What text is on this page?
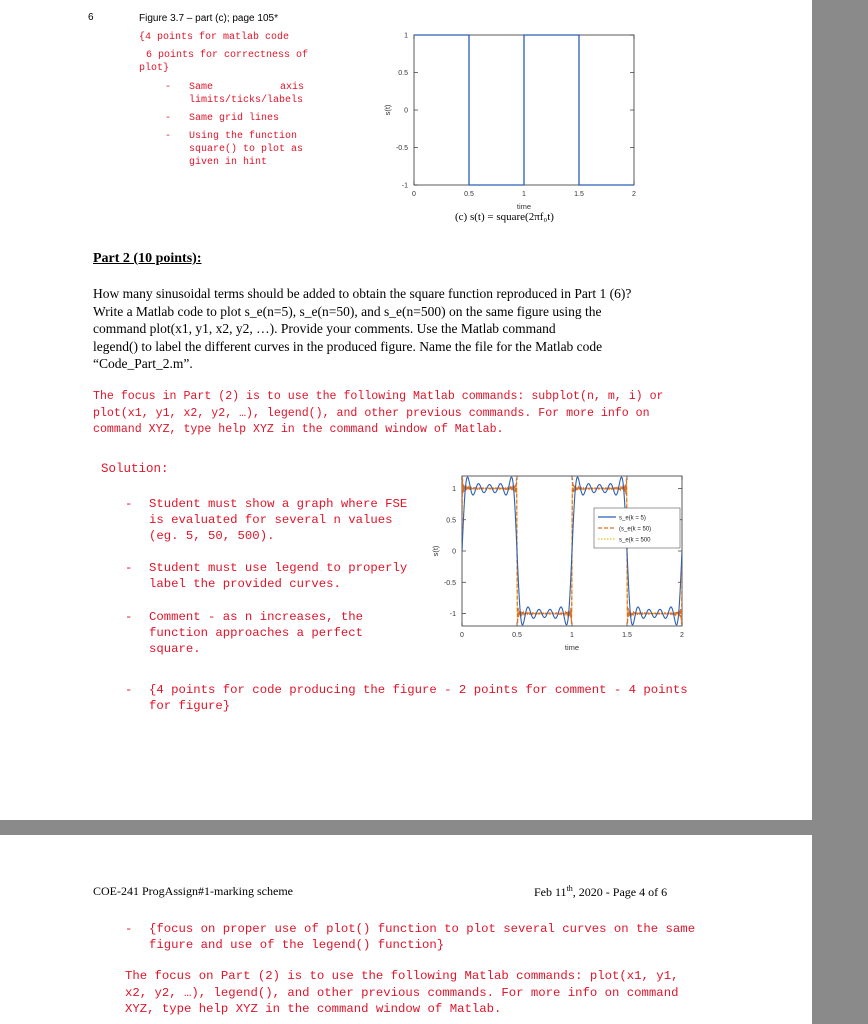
6	Figure 3.7 – part (c); page 105*
{4 points for matlab code
6 points for correctness of
plot}
- Same	axis
limits/ticks/labels
- Same grid lines
- Using the function
square() to plot as
given in hint
0	0.5	1	1.5	2
-1
-0.5
0
0.5
1
time
s(t)
(c) s(t) = square(2πf₀t)
Part 2 (10 points):
How many sinusoidal terms should be added to obtain the square function reproduced in Part 1 (6)?
Write a Matlab code to plot s_e(n=5), s_e(n=50), and s_e(n=500) on the same figure using the
command plot(x1, y1, x2, y2, …). Provide your comments. Use the Matlab command
legend() to label the different curves in the produced figure. Name the file for the Matlab code
“Code_Part_2.m”.
The focus in Part (2) is to use the following Matlab commands: subplot(n, m, i) or
plot(x1, y1, x2, y2, …), legend(), and other previous commands. For more info on
command XYZ, type help XYZ in the command window of Matlab.
Solution:
- Student must show a graph where FSE
is evaluated for several n values
(eg. 5, 50, 500).
- Student must use legend to properly
label the provided curves.
- Comment - as n increases, the
function approaches a perfect
square.
0	0.5	1	1.5	2
-1
-0.5
0
0.5
1
time
s(t)
s_e(k = 5)
(s_e(k = 50)
s_e(k = 500
- {4 points for code producing the figure - 2 points for comment - 4 points
for figure}
COE-241 ProgAssign#1-marking scheme	Feb 11th, 2020 - Page 4 of 6
- {focus on proper use of plot() function to plot several curves on the same
figure and use of the legend() function}
The focus on Part (2) is to use the following Matlab commands: plot(x1, y1,
x2, y2, …), legend(), and other previous commands. For more info on command
XYZ, type help XYZ in the command window of Matlab.
